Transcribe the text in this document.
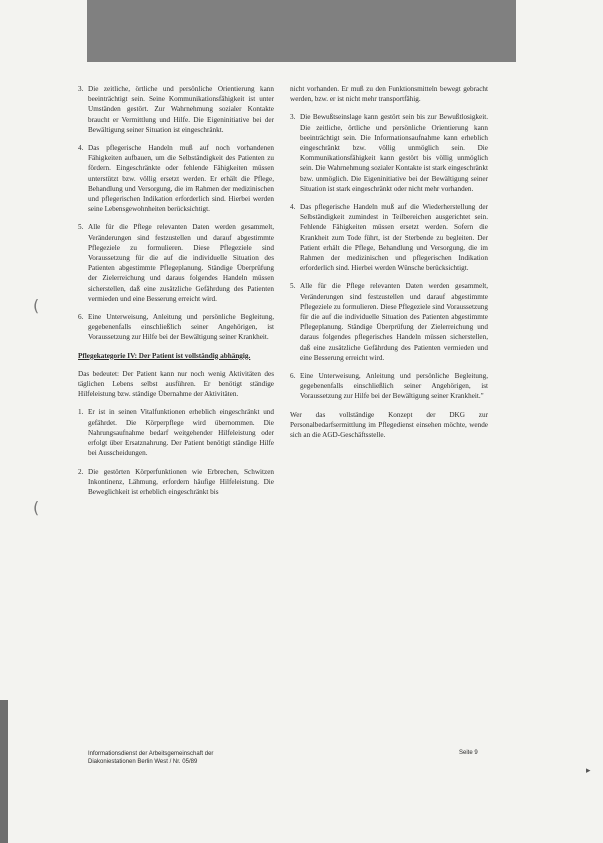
(
(
▸
3. Die zeitliche, örtliche und persönliche Orientierung kann beeinträchtigt sein. Seine Kommunikationsfähigkeit ist unter Umständen gestört. Zur Wahrnehmung sozialer Kontakte braucht er Vermittlung und Hilfe. Die Eigeninitiative bei der Bewältigung seiner Situation ist eingeschränkt.
4. Das pflegerische Handeln muß auf noch vorhandenen Fähigkeiten aufbauen, um die Selbständigkeit des Patienten zu fördern. Eingeschränkte oder fehlende Fähigkeiten müssen unterstützt bzw. völlig ersetzt werden. Er erhält die Pflege, Behandlung und Versorgung, die im Rahmen der medizinischen und pflegerischen Indikation erforderlich sind. Hierbei werden seine Lebensgewohnheiten berücksichtigt.
5. Alle für die Pflege relevanten Daten werden gesammelt, Veränderungen sind festzustellen und darauf abgestimmte Pflegeziele zu formulieren. Diese Pflegeziele sind Voraussetzung für die auf die individuelle Situation des Patienten abgestimmte Pflegeplanung. Ständige Überprüfung der Zielerreichung und daraus folgendes Handeln müssen sicherstellen, daß eine zusätzliche Gefährdung des Patienten vermieden und eine Besserung erreicht wird.
6. Eine Unterweisung, Anleitung und persönliche Begleitung, gegebenenfalls einschließlich seiner Angehörigen, ist Voraussetzung zur Hilfe bei der Bewältigung seiner Krankheit.

Pflegekategorie IV: Der Patient ist vollständig abhängig.

Das bedeutet: Der Patient kann nur noch wenig Aktivitäten des täglichen Lebens selbst ausführen. Er benötigt ständige Hilfeleistung bzw. ständige Übernahme der Aktivitäten.

1. Er ist in seinen Vitalfunktionen erheblich eingeschränkt und gefährdet. Die Körperpflege wird übernommen. Die Nahrungsaufnahme bedarf weitgehender Hilfeleistung oder erfolgt über Ersatznahrung. Der Patient benötigt ständige Hilfe bei Ausscheidungen.
2. Die gestörten Körperfunktionen wie Erbrechen, Schwitzen Inkontinenz, Lähmung, erfordern häufige Hilfeleistung. Die Beweglichkeit ist erheblich eingeschränkt bis

nicht vorhanden. Er muß zu den Funktionsmitteln bewegt gebracht werden, bzw. er ist nicht mehr transportfähig.

3. Die Bewußtseinslage kann gestört sein bis zur Bewußtlosigkeit. Die zeitliche, örtliche und persönliche Orientierung kann beeinträchtigt sein. Die Informationsaufnahme kann erheblich eingeschränkt bzw. völlig unmöglich sein. Die Kommunikationsfähigkeit kann gestört bis völlig unmöglich sein. Die Wahrnehmung sozialer Kontakte ist stark eingeschränkt bzw. unmöglich. Die Eigeninitiative bei der Bewältigung seiner Situation ist stark eingeschränkt oder nicht mehr vorhanden.
4. Das pflegerische Handeln muß auf die Wiederherstellung der Selbständigkeit zumindest in Teilbereichen ausgerichtet sein. Fehlende Fähigkeiten müssen ersetzt werden. Sofern die Krankheit zum Tode führt, ist der Sterbende zu begleiten. Der Patient erhält die Pflege, Behandlung und Versorgung, die im Rahmen der medizinischen und pflegerischen Indikation erforderlich sind. Hierbei werden Wünsche berücksichtigt.
5. Alle für die Pflege relevanten Daten werden gesammelt, Veränderungen sind festzustellen und darauf abgestimmte Pflegeziele zu formulieren. Diese Pflegeziele sind Voraussetzung für die auf die individuelle Situation des Patienten abgestimmte Pflegeplanung. Ständige Überprüfung der Zielerreichung und daraus folgendes pflegerisches Handeln müssen sicherstellen, daß eine zusätzliche Gefährdung des Patienten vermieden und eine Besserung erreicht wird.
6. Eine Unterweisung, Anleitung und persönliche Begleitung, gegebenenfalls einschließlich seiner Angehörigen, ist Voraussetzung zur Hilfe bei der Bewältigung seiner Krankheit."

Wer das vollständige Konzept der DKG zur Personalbedarfsermittlung im Pflegedienst einsehen möchte, wende sich an die AGD-Geschäftsstelle.

Informationsdienst der Arbeitsgemeinschaft der
Diakoniestationen Berlin West / Nr. 05/89
Seite 9
